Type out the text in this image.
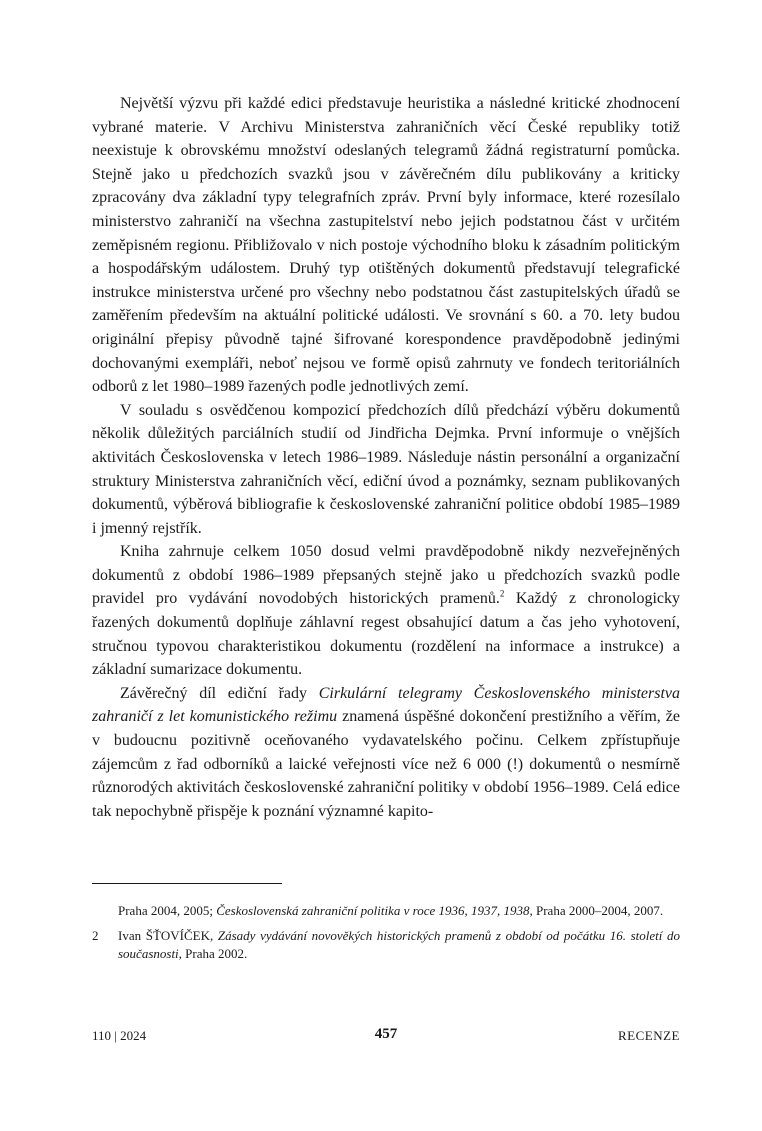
Největší výzvu při každé edici představuje heuristika a následné kritické zhodnocení vybrané materie. V Archivu Ministerstva zahraničních věcí České republiky totiž neexistuje k obrovskému množství odeslaných telegramů žádná registraturní pomůcka. Stejně jako u předchozích svazků jsou v závěrečném dílu publikovány a kriticky zpracovány dva základní typy telegrafních zpráv. První byly informace, které rozesílalo ministerstvo zahraničí na všechna zastupitelství nebo jejich podstatnou část v určitém zeměpisném regionu. Přibližovalo v nich postoje východního bloku k zásadním politickým a hospodářským událostem. Druhý typ otištěných dokumentů představují telegrafické instrukce ministerstva určené pro všechny nebo podstatnou část zastupitelských úřadů se zaměřením především na aktuální politické události. Ve srovnání s 60. a 70. lety budou originální přepisy původně tajné šifrované korespondence pravděpodobně jedinými dochovanými exempláři, neboť nejsou ve formě opisů zahrnuty ve fondech teritoriálních odborů z let 1980–1989 řazených podle jednotlivých zemí.

V souladu s osvědčenou kompozicí předchozích dílů předchází výběru dokumentů několik důležitých parciálních studií od Jindřicha Dejmka. První informuje o vnějších aktivitách Československa v letech 1986–1989. Následuje nástin personální a organizační struktury Ministerstva zahraničních věcí, ediční úvod a poznámky, seznam publikovaných dokumentů, výběrová bibliografie k československé zahraniční politice období 1985–1989 i jmenný rejstřík.

Kniha zahrnuje celkem 1050 dosud velmi pravděpodobně nikdy nezveřejněných dokumentů z období 1986–1989 přepsaných stejně jako u předchozích svazků podle pravidel pro vydávání novodobých historických pramenů.$^2$ Každý z chronologicky řazených dokumentů doplňuje záhlavní regest obsahující datum a čas jeho vyhotovení, stručnou typovou charakteristikou dokumentu (rozdělení na informace a instrukce) a základní sumarizace dokumentu.

Závěrečný díl ediční řady Cirkulární telegramy Československého ministerstva zahraničí z let komunistického režimu znamená úspěšné dokončení prestižního a věřím, že v budoucnu pozitivně oceňovaného vydavatelského počinu. Celkem zpřístupňuje zájemcům z řad odborníků a laické veřejnosti více než 6 000 (!) dokumentů o nesmírně různorodých aktivitách československé zahraniční politiky v období 1956–1989. Celá edice tak nepochybně přispěje k poznání významné kapito-

Praha 2004, 2005; Československá zahraniční politika v roce 1936, 1937, 1938, Praha 2000–2004, 2007.
2	Ivan ŠŤOVÍČEK, Zásady vydávání novověkých historických pramenů z období od počátku 16. století do současnosti, Praha 2002.
110 | 2024	457	RECENZE
